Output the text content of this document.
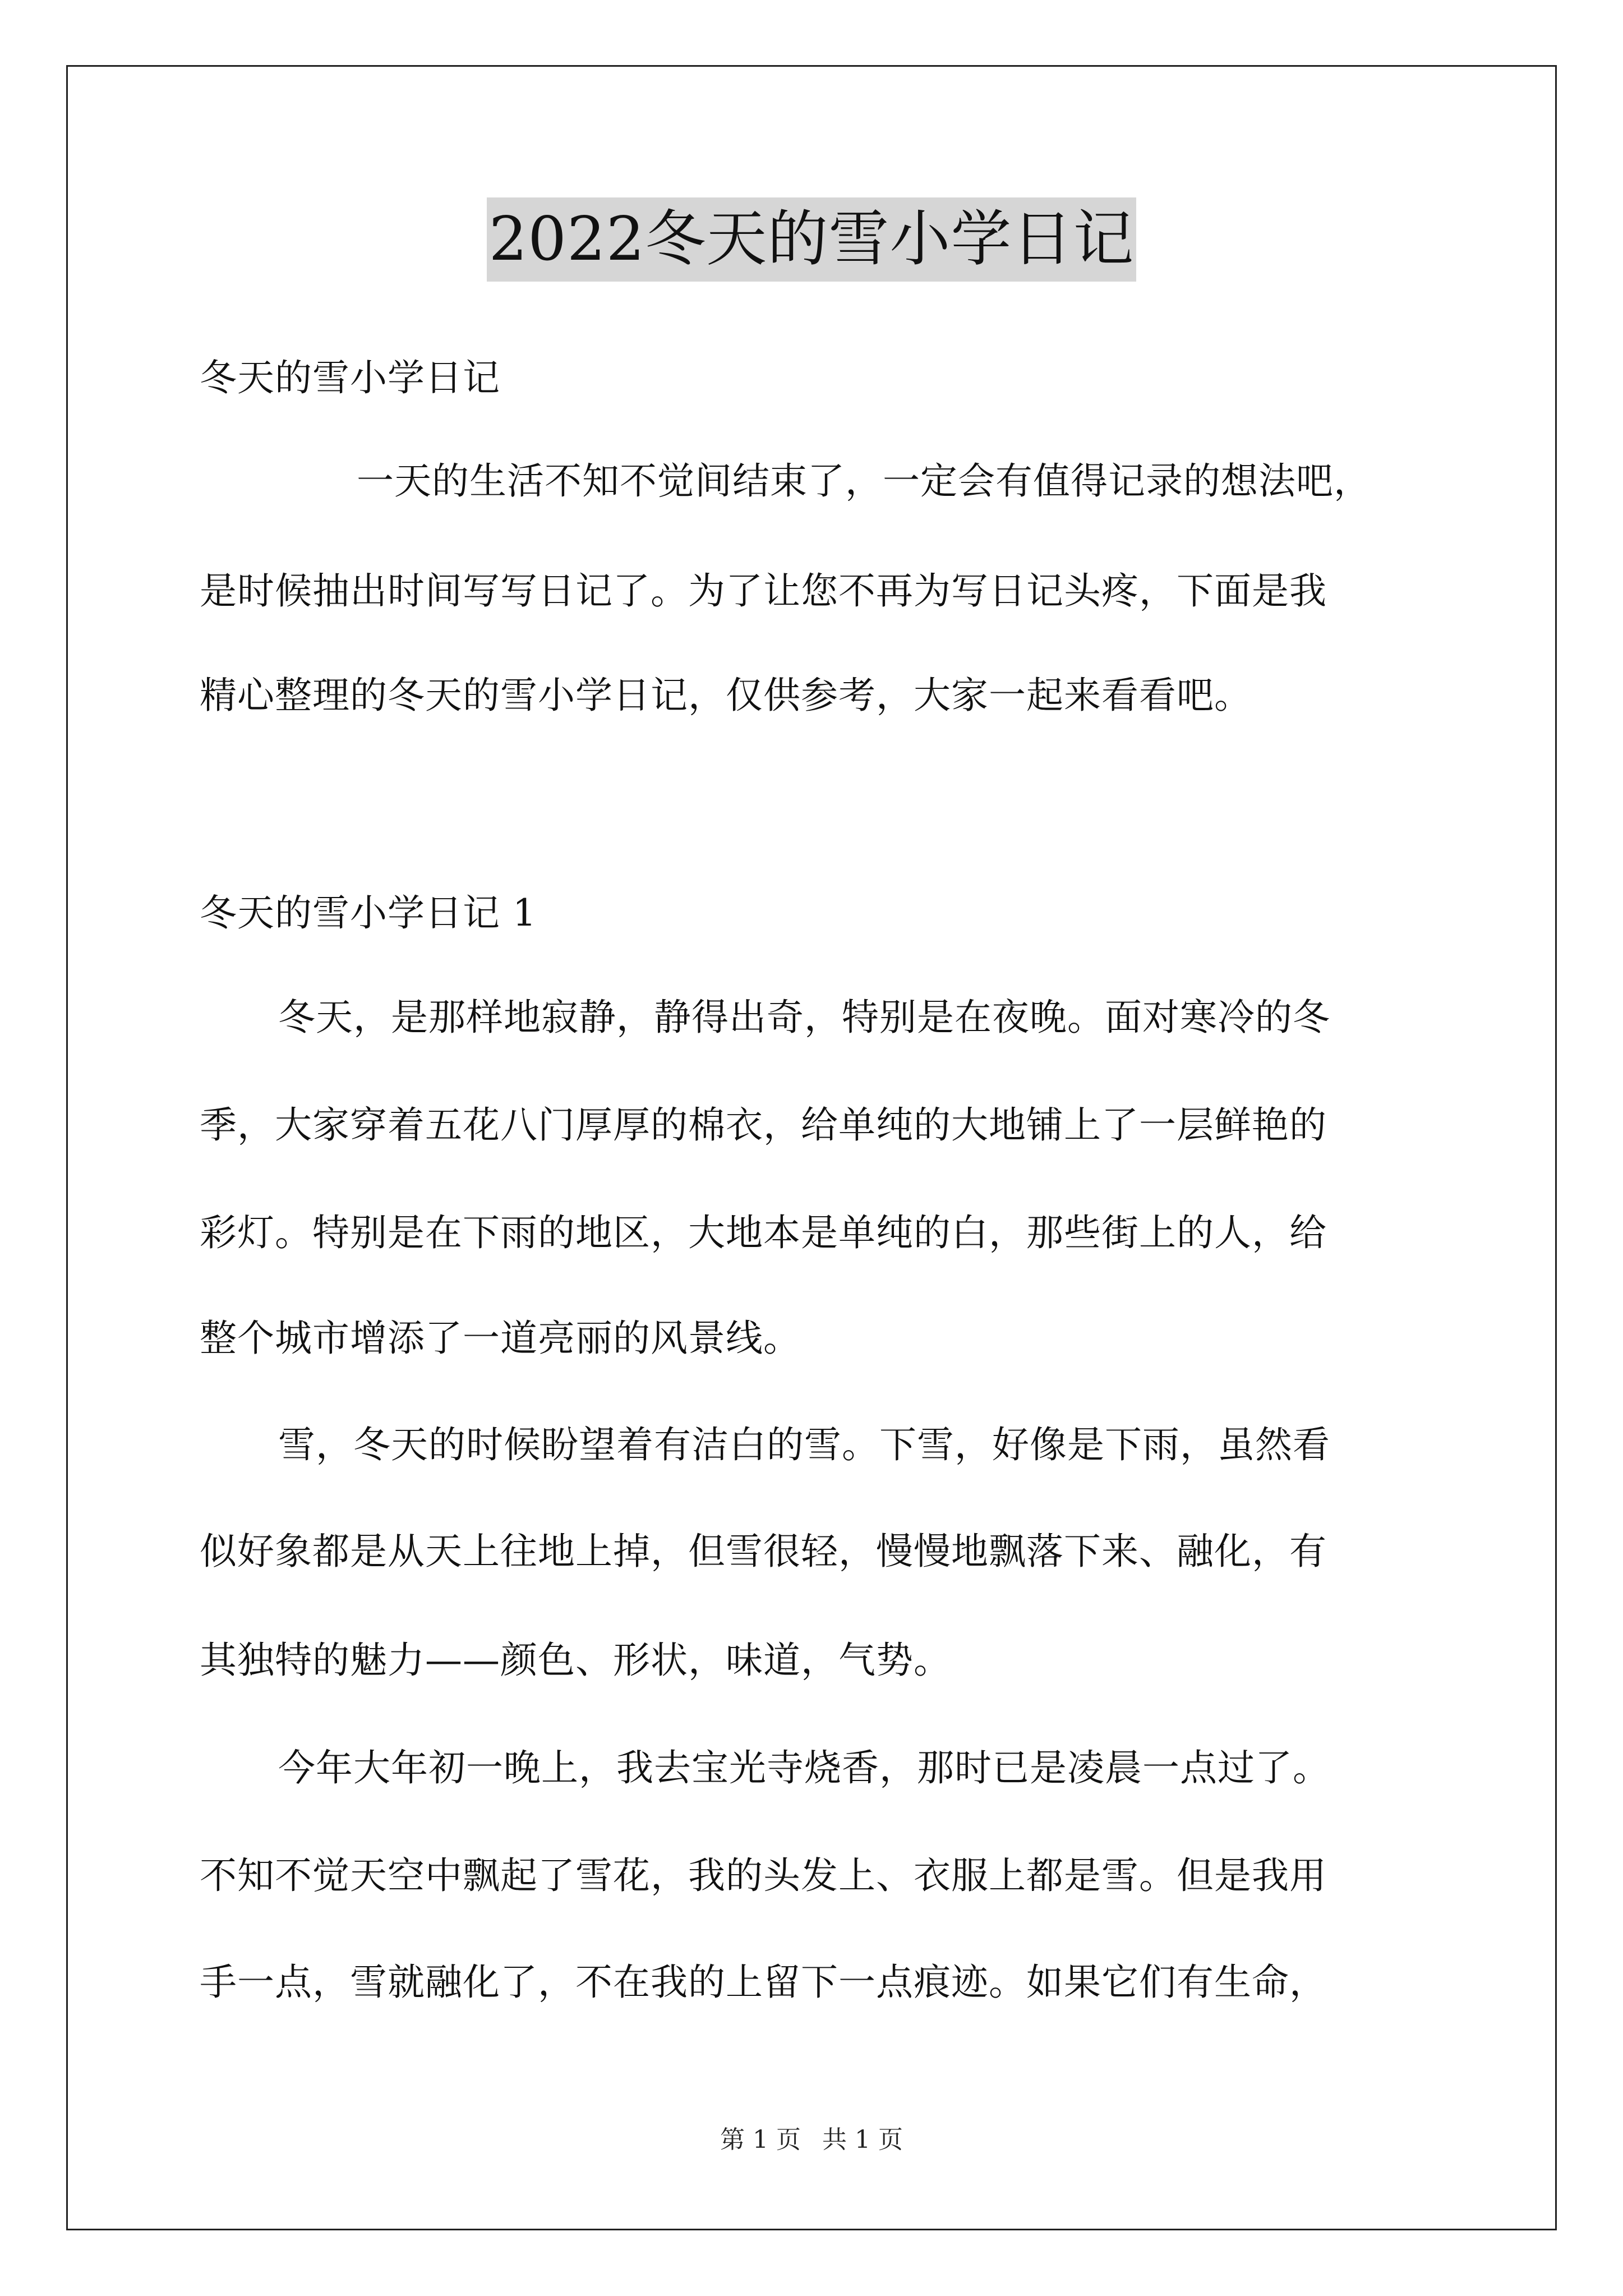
2022冬天的雪小学日记
冬天的雪小学日记
一天的生活不知不觉间结束了，一定会有值得记录的想法吧，
是时候抽出时间写写日记了。为了让您不再为写日记头疼，下面是我
精心整理的冬天的雪小学日记，仅供参考，大家一起来看看吧。
冬天的雪小学日记 1
冬天，是那样地寂静，静得出奇，特别是在夜晚。面对寒冷的冬
季，大家穿着五花八门厚厚的棉衣，给单纯的大地铺上了一层鲜艳的
彩灯。特别是在下雨的地区，大地本是单纯的白，那些街上的人，给
整个城市增添了一道亮丽的风景线。
雪，冬天的时候盼望着有洁白的雪。下雪，好像是下雨，虽然看
似好象都是从天上往地上掉，但雪很轻，慢慢地飘落下来、融化，有
其独特的魅力——颜色、形状，味道，气势。
今年大年初一晚上，我去宝光寺烧香，那时已是凌晨一点过了。
不知不觉天空中飘起了雪花，我的头发上、衣服上都是雪。但是我用
手一点，雪就融化了，不在我的上留下一点痕迹。如果它们有生命，
第 1 页 共 1 页
